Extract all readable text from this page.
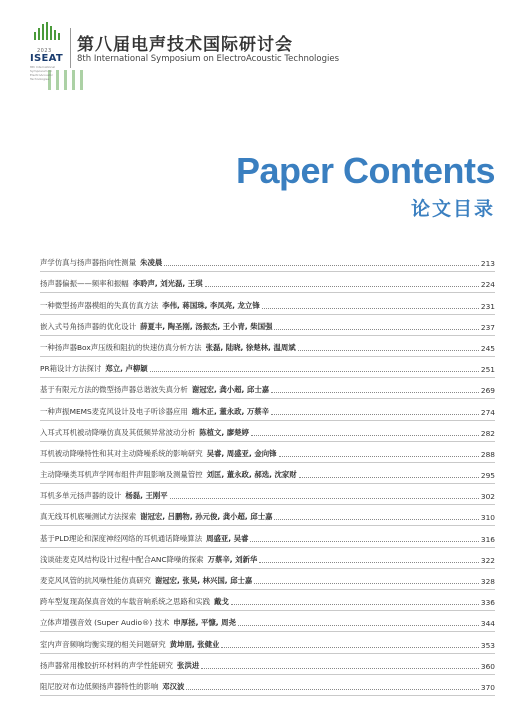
2023
ISEAT
8th International Symposium on ElectroAcoustic Technologies
第八届电声技术国际研讨会
8th International Symposium on ElectroAcoustic Technologies
Paper Contents
论文目录
声学仿真与扬声器指向性测量 朱凌晨	213
扬声器偏振——频率和振幅 李聆声, 刘光磊, 王琪	224
一种微型扬声器模组的失真仿真方法 李伟, 蒋国珠, 李凤亮, 龙立锋	231
嵌入式号角扬声器的优化设计 薛夏丰, 陶圣刚, 汤振杰, 王小青, 柴国强	237
一种扬声器Box声压级和阻抗的快速仿真分析方法 张磊, 陆晓, 徐楚林, 温周斌	245
PR箱设计方法探讨 郑立, 卢柳颖	251
基于有限元方法的微型扬声器总谐波失真分析 谢冠宏, 龚小超, 邱士嘉	269
一种声振MEMS麦克风设计及电子听诊器应用 端木正, 董永政, 万蔡辛	274
入耳式耳机被动降噪仿真及其低频异常波动分析 陈植文, 廖楚婷	282
耳机被动降噪特性和其对主动降噪系统的影响研究 吴睿, 周盛亚, 金向锋	288
主动降噪类耳机声学网布组件声阻影响及测量管控 刘匡, 董永政, 郝选, 沈家财	295
耳机多单元扬声器的设计 杨磊, 王刚平	302
真无线耳机底噪测试方法探索 谢冠宏, 吕鹏物, 孙元俊, 龚小超, 邱士嘉	310
基于PLD理论和深度神经网络的耳机通话降噪算法 周盛亚, 吴睿	316
浅谈硅麦克风结构设计过程中配合ANC降噪的探索 万蔡辛, 刘新华	322
麦克风风管的抗风噪性能仿真研究 谢冠宏, 张昊, 林兴国, 邱士嘉	328
跨车型复现高保真音效的车载音响系统之思路和实践 戴戈	336
立体声增强音效 (Super Audio®) 技术 申厚拯, 平慷, 周尧	344
室内声音频响均衡实现的相关问题研究 黄坤朋, 张健业	353
扬声器常用橡胶折环材料的声学性能研究 张洪进	360
阻尼胶对布边低频扬声器特性的影响 邓汉波	370
